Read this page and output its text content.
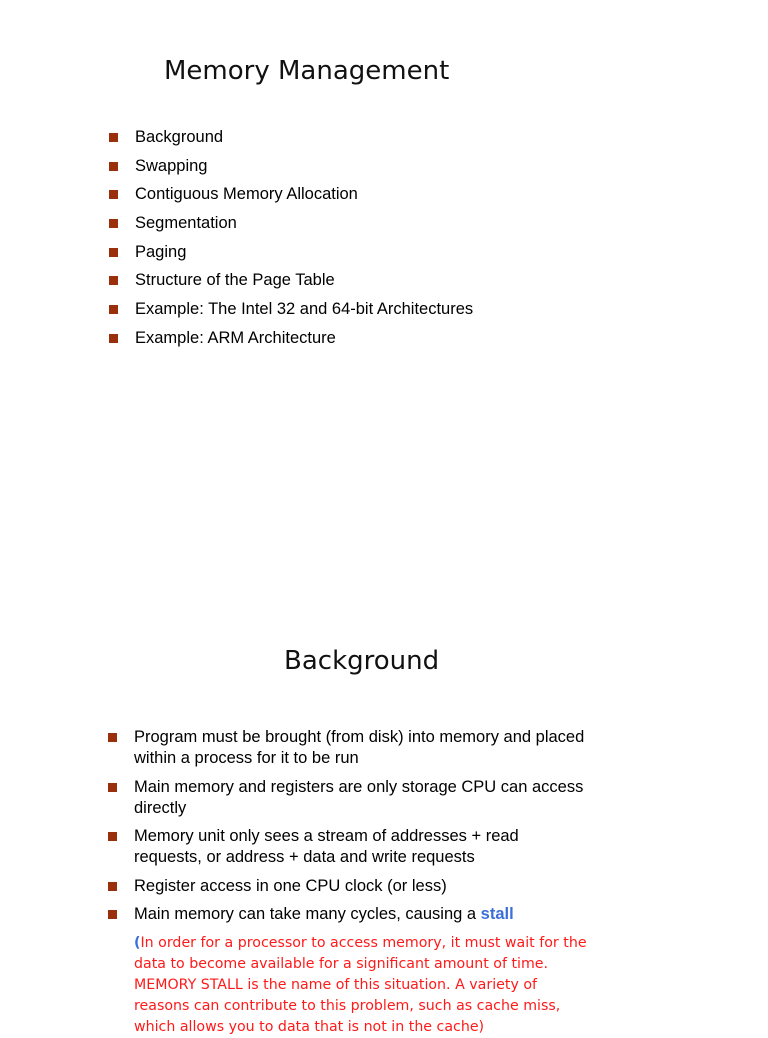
Memory Management
Background
Swapping
Contiguous Memory Allocation
Segmentation
Paging
Structure of the Page Table
Example: The Intel 32 and 64-bit Architectures
Example: ARM Architecture
Background
Program must be brought (from disk) into memory and placed within a process for it to be run
Main memory and registers are only storage CPU can access directly
Memory unit only sees a stream of addresses + read requests, or address + data and write requests
Register access in one CPU clock (or less)
Main memory can take many cycles, causing a stall

(In order for a processor to access memory, it must wait for the data to become available for a significant amount of time. MEMORY STALL is the name of this situation. A variety of reasons can contribute to this problem, such as cache miss, which allows you to data that is not in the cache)
